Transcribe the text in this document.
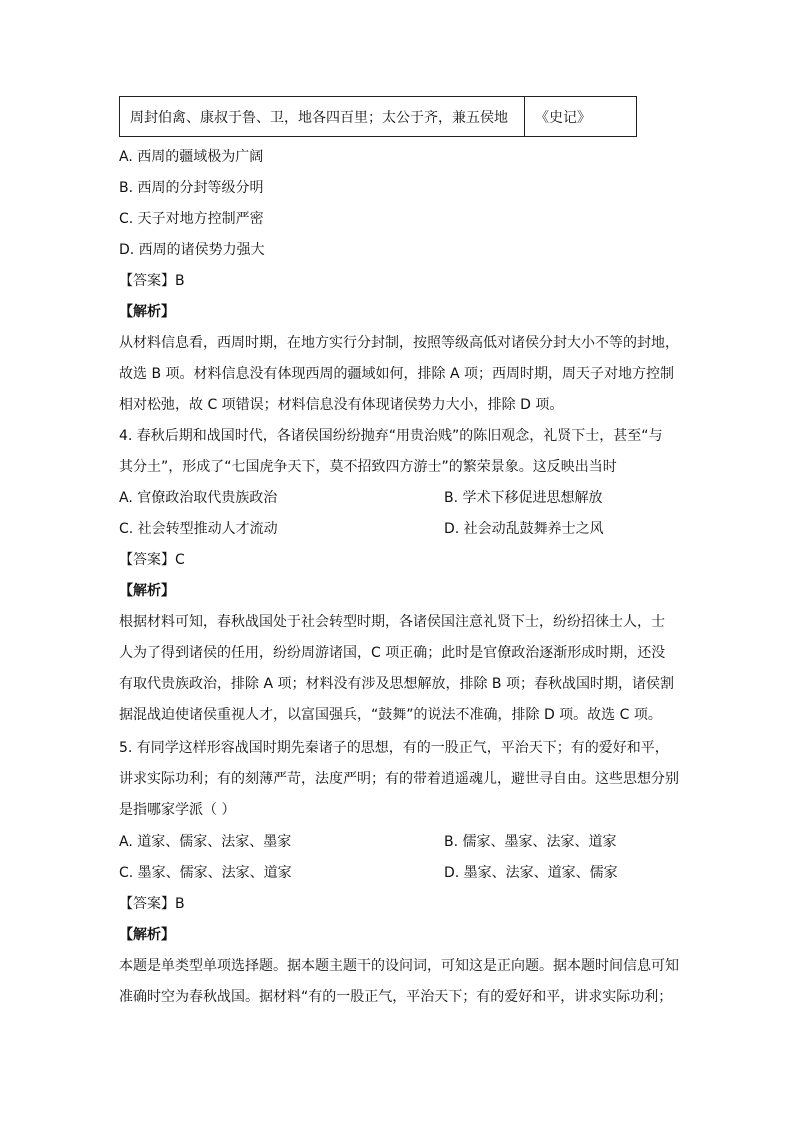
周封伯禽、康叔于鲁、卫，地各四百里；太公于齐，兼五侯地	《史记》
A. 西周的疆域极为广阔
B. 西周的分封等级分明
C. 天子对地方控制严密
D. 西周的诸侯势力强大
【答案】B
【解析】
从材料信息看，西周时期，在地方实行分封制，按照等级高低对诸侯分封大小不等的封地，
故选 B 项。材料信息没有体现西周的疆域如何，排除 A 项；西周时期，周天子对地方控制
相对松弛，故 C 项错误；材料信息没有体现诸侯势力大小，排除 D 项。
4. 春秋后期和战国时代，各诸侯国纷纷抛弃“用贵治贱”的陈旧观念，礼贤下士，甚至“与
其分土”，形成了“七国虎争天下，莫不招致四方游士”的繁荣景象。这反映出当时
A. 官僚政治取代贵族政治	B. 学术下移促进思想解放
C. 社会转型推动人才流动	D. 社会动乱鼓舞养士之风
【答案】C
【解析】
根据材料可知，春秋战国处于社会转型时期，各诸侯国注意礼贤下士，纷纷招徕士人，士
人为了得到诸侯的任用，纷纷周游诸国，C 项正确；此时是官僚政治逐渐形成时期，还没
有取代贵族政治，排除 A 项；材料没有涉及思想解放，排除 B 项；春秋战国时期，诸侯割
据混战迫使诸侯重视人才，以富国强兵，“鼓舞”的说法不准确，排除 D 项。故选 C 项。
5. 有同学这样形容战国时期先秦诸子的思想，有的一股正气，平治天下；有的爱好和平，
讲求实际功利；有的刻薄严苛，法度严明；有的带着逍遥魂儿，避世寻自由。这些思想分别
是指哪家学派（ ）
A. 道家、儒家、法家、墨家	B. 儒家、墨家、法家、道家
C. 墨家、儒家、法家、道家	D. 墨家、法家、道家、儒家
【答案】B
【解析】
本题是单类型单项选择题。据本题主题干的设问词，可知这是正向题。据本题时间信息可知
准确时空为春秋战国。据材料“有的一股正气，平治天下；有的爱好和平，讲求实际功利；
